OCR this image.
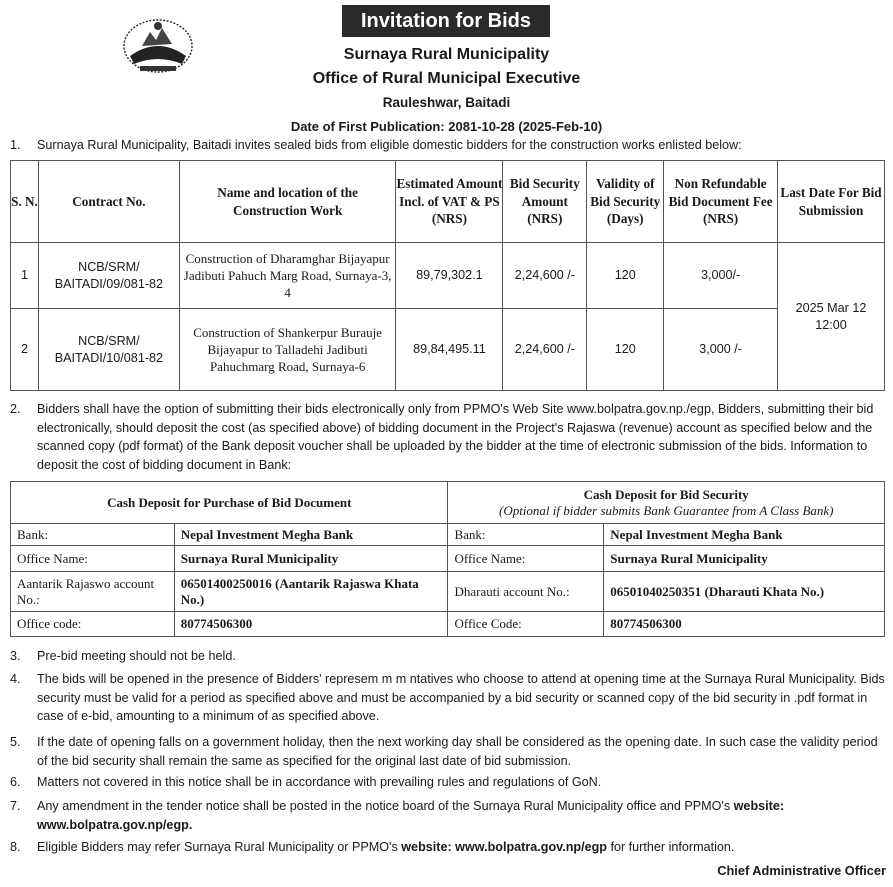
Invitation for Bids
Surnaya Rural Municipality
Office of Rural Municipal Executive
Rauleshwar, Baitadi
Date of First Publication: 2081-10-28 (2025-Feb-10)
1. Surnaya Rural Municipality, Baitadi invites sealed bids from eligible domestic bidders for the construction works enlisted below:
S. N.	Contract No.	Name and location of the Construction Work	Estimated Amount Incl. of VAT & PS (NRS)	Bid Security Amount (NRS)	Validity of Bid Security (Days)	Non Refundable Bid Document Fee (NRS)	Last Date For Bid Submission
1	NCB/SRM/ BAITADI/09/081-82	Construction of Dharamghar Bijayapur Jadibuti Pahuch Marg Road, Surnaya-3, 4	89,79,302.1	2,24,600 /-	120	3,000/-	2025 Mar 12 12:00
2	NCB/SRM/ BAITADI/10/081-82	Construction of Shankerpur Burauje Bijayapur to Talladehi Jadibuti Pahuchmarg Road, Surnaya-6	89,84,495.11	2,24,600 /-	120	3,000 /-	
2. Bidders shall have the option of submitting their bids electronically only from PPMO's Web Site www.bolpatra.gov.np./egp, Bidders, submitting their bid electronically, should deposit the cost (as specified above) of bidding document in the Project's Rajaswa (revenue) account as specified below and the scanned copy (pdf format) of the Bank deposit voucher shall be uploaded by the bidder at the time of electronic submission of the bids. Information to deposit the cost of bidding document in Bank:
Cash Deposit for Purchase of Bid Document		Cash Deposit for Bid Security
(Optional if bidder submits Bank Guarantee from A Class Bank)	

Bank:	Nepal Investment Megha Bank	Bank:	Nepal Investment Megha Bank
Office Name:	Surnaya Rural Municipality	Office Name:	Surnaya Rural Municipality
Aantarik Rajaswo account No.:	06501400250016 (Aantarik Rajaswa Khata No.)	Dharauti account No.:	06501040250351 (Dharauti Khata No.)
Office code:	80774506300	Office Code:	80774506300
3. Pre-bid meeting should not be held.
4. The bids will be opened in the presence of Bidders' represem m m ntatives who choose to attend at opening time at the Surnaya Rural Municipality. Bids security must be valid for a period as specified above and must be accompanied by a bid security or scanned copy of the bid security in .pdf format in case of e-bid, amounting to a minimum of as specified above.
5. If the date of opening falls on a government holiday, then the next working day shall be considered as the opening date. In such case the validity period of the bid security shall remain the same as specified for the original last date of bid submission.
6. Matters not covered in this notice shall be in accordance with prevailing rules and regulations of GoN.
7. Any amendment in the tender notice shall be posted in the notice board of the Surnaya Rural Municipality office and PPMO's website: www.bolpatra.gov.np/egp.
8. Eligible Bidders may refer Surnaya Rural Municipality or PPMO's website: www.bolpatra.gov.np/egp for further information.
Chief Administrative Officer
